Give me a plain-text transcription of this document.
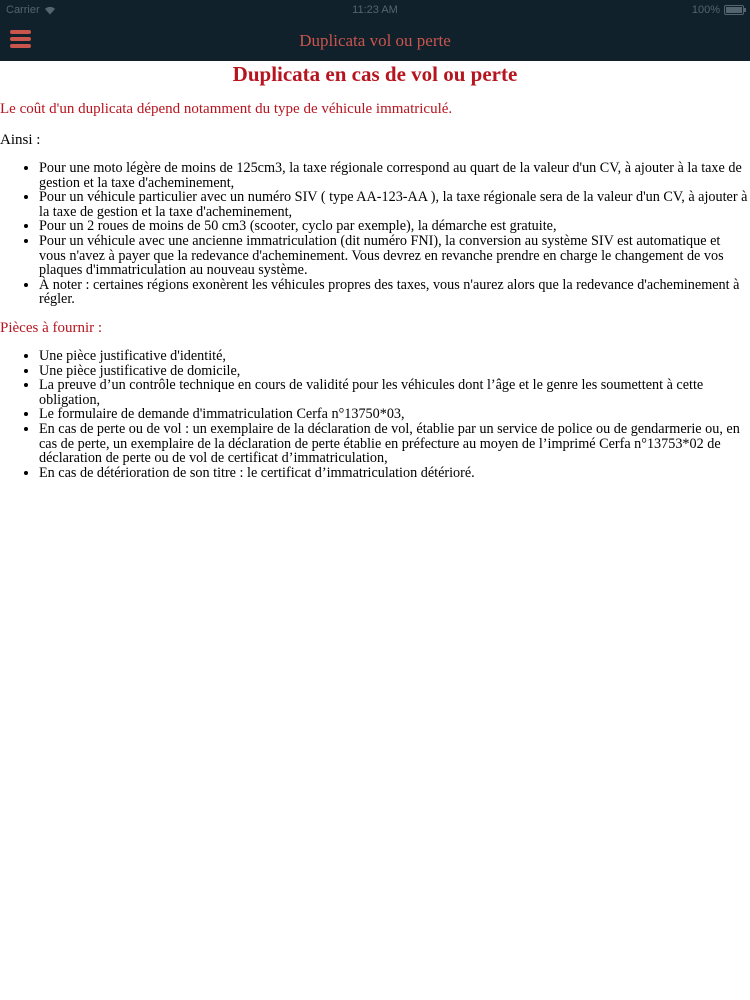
Carrier	11:23 AM	100%
Duplicata vol ou perte
Duplicata en cas de vol ou perte

Le coût d'un duplicata dépend notamment du type de véhicule immatriculé.

Ainsi :

• Pour une moto légère de moins de 125cm3, la taxe régionale correspond au quart de la valeur d'un CV, à ajouter à la taxe de gestion et la taxe d'acheminement,
• Pour un véhicule particulier avec un numéro SIV ( type AA-123-AA ), la taxe régionale sera de la valeur d'un CV, à ajouter à la taxe de gestion et la taxe d'acheminement,
• Pour un 2 roues de moins de 50 cm3 (scooter, cyclo par exemple), la démarche est gratuite,
• Pour un véhicule avec une ancienne immatriculation (dit numéro FNI), la conversion au système SIV est automatique et vous n'avez à payer que la redevance d'acheminement. Vous devrez en revanche prendre en charge le changement de vos plaques d'immatriculation au nouveau système.
• À noter : certaines régions exonèrent les véhicules propres des taxes, vous n'aurez alors que la redevance d'acheminement à régler.

Pièces à fournir :

• Une pièce justificative d'identité,
• Une pièce justificative de domicile,
• La preuve d’un contrôle technique en cours de validité pour les véhicules dont l’âge et le genre les soumettent à cette obligation,
• Le formulaire de demande d'immatriculation Cerfa n°13750*03,
• En cas de perte ou de vol : un exemplaire de la déclaration de vol, établie par un service de police ou de gendarmerie ou, en cas de perte, un exemplaire de la déclaration de perte établie en préfecture au moyen de l’imprimé Cerfa n°13753*02 de déclaration de perte ou de vol de certificat d’immatriculation,
• En cas de détérioration de son titre : le certificat d’immatriculation détérioré.
